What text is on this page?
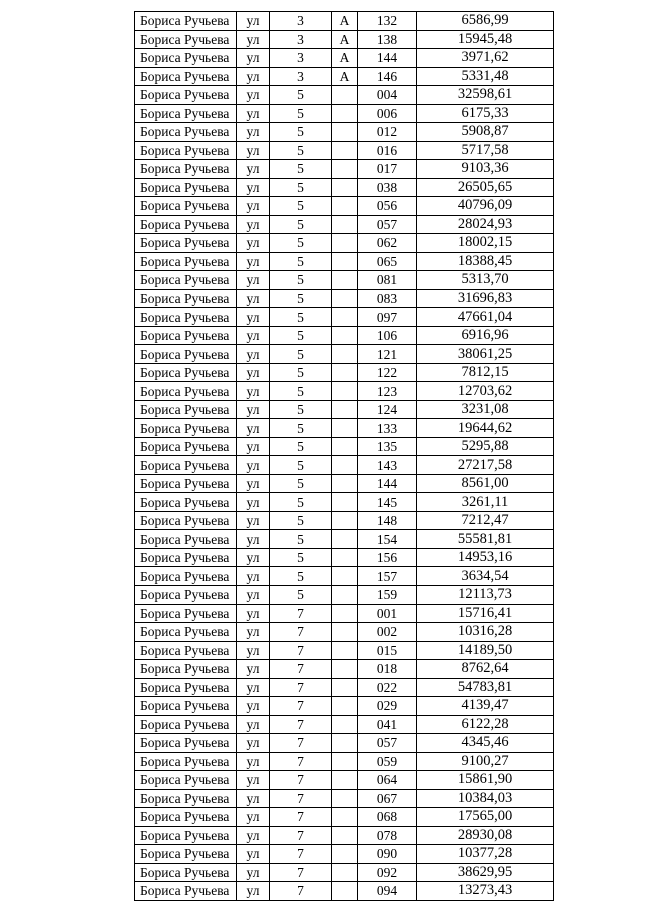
Бориса Ручьева	ул	3	А	132	6586,99
Бориса Ручьева	ул	3	А	138	15945,48
Бориса Ручьева	ул	3	А	144	3971,62
Бориса Ручьева	ул	3	А	146	5331,48
Бориса Ручьева	ул	5		004	32598,61
Бориса Ручьева	ул	5		006	6175,33
Бориса Ручьева	ул	5		012	5908,87
Бориса Ручьева	ул	5		016	5717,58
Бориса Ручьева	ул	5		017	9103,36
Бориса Ручьева	ул	5		038	26505,65
Бориса Ручьева	ул	5		056	40796,09
Бориса Ручьева	ул	5		057	28024,93
Бориса Ручьева	ул	5		062	18002,15
Бориса Ручьева	ул	5		065	18388,45
Бориса Ручьева	ул	5		081	5313,70
Бориса Ручьева	ул	5		083	31696,83
Бориса Ручьева	ул	5		097	47661,04
Бориса Ручьева	ул	5		106	6916,96
Бориса Ручьева	ул	5		121	38061,25
Бориса Ручьева	ул	5		122	7812,15
Бориса Ручьева	ул	5		123	12703,62
Бориса Ручьева	ул	5		124	3231,08
Бориса Ручьева	ул	5		133	19644,62
Бориса Ручьева	ул	5		135	5295,88
Бориса Ручьева	ул	5		143	27217,58
Бориса Ручьева	ул	5		144	8561,00
Бориса Ручьева	ул	5		145	3261,11
Бориса Ручьева	ул	5		148	7212,47
Бориса Ручьева	ул	5		154	55581,81
Бориса Ручьева	ул	5		156	14953,16
Бориса Ручьева	ул	5		157	3634,54
Бориса Ручьева	ул	5		159	12113,73
Бориса Ручьева	ул	7		001	15716,41
Бориса Ручьева	ул	7		002	10316,28
Бориса Ручьева	ул	7		015	14189,50
Бориса Ручьева	ул	7		018	8762,64
Бориса Ручьева	ул	7		022	54783,81
Бориса Ручьева	ул	7		029	4139,47
Бориса Ручьева	ул	7		041	6122,28
Бориса Ручьева	ул	7		057	4345,46
Бориса Ручьева	ул	7		059	9100,27
Бориса Ручьева	ул	7		064	15861,90
Бориса Ручьева	ул	7		067	10384,03
Бориса Ручьева	ул	7		068	17565,00
Бориса Ручьева	ул	7		078	28930,08
Бориса Ручьева	ул	7		090	10377,28
Бориса Ручьева	ул	7		092	38629,95
Бориса Ручьева	ул	7		094	13273,43
